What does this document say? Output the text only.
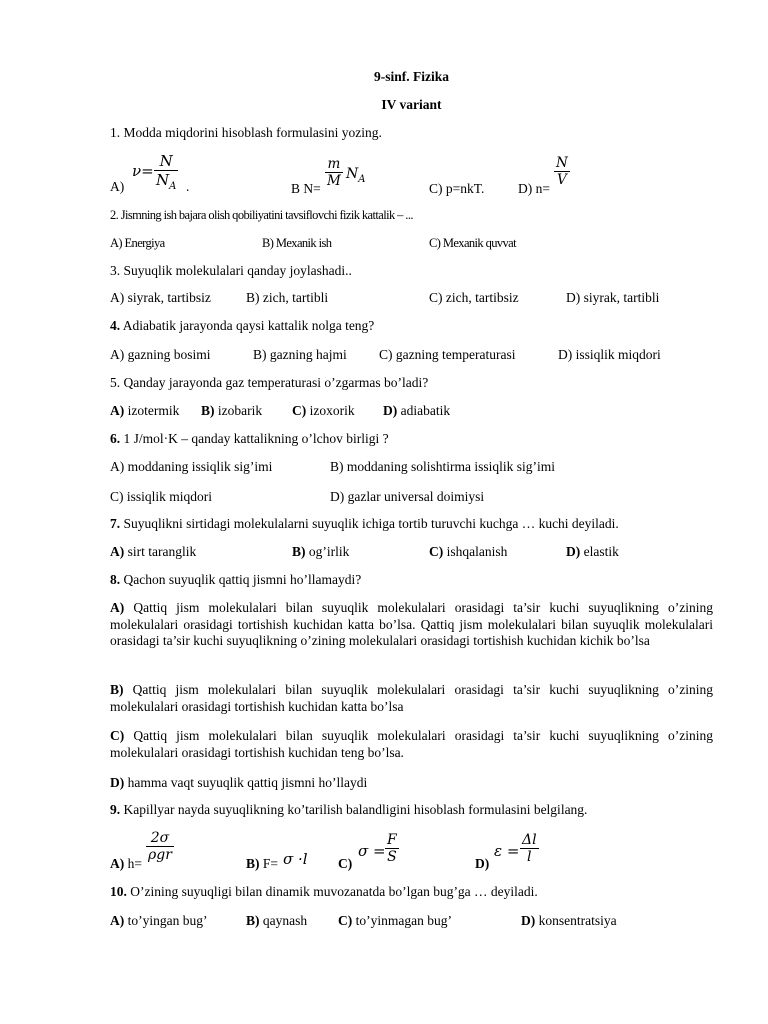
9-sinf. Fizika
IV variant
1. Modda miqdorini hisoblash formulasini yozing.
A)
$\nu= \frac{N}{N_A}$ .	B $N= \frac{m}{M} N_A$
C) p=nkT. D) n=
$\frac{N}{V}$
2. Jismning ish bajara olish qobiliyatini tavsiflovchi fizik kattalik – ...
A) Energiya	B) Mexanik ish	C) Mexanik quvvat
3. Suyuqlik molekulalari qanday joylashadi..
A) siyrak, tartibsiz	B) zich, tartibli	C) zich, tartibsiz	D) siyrak, tartibli
4. Adiabatik jarayonda qaysi kattalik nolga teng?
A) gazning bosimi	B) gazning hajmi C) gazning temperaturasi	D) issiqlik miqdori
5. Qanday jarayonda gaz temperaturasi o’zgarmas bo’ladi?
A) izotermik B) izobarik C) izoxorik D) adiabatik
6. 1 J/mol·K – qanday kattalikning o’lchov birligi ?
A) moddaning issiqlik sig’imi	B) moddaning solishtirma issiqlik sig’imi
C) issiqlik miqdori	D) gazlar universal doimiysi
7. Suyuqlikni sirtidagi molekulalarni suyuqlik ichiga tortib turuvchi kuchga … kuchi deyiladi.
A) sirt taranglik	B) og’irlik	C) ishqalanish	D) elastik
8. Qachon suyuqlik qattiq jismni ho’llamaydi?
A) Qattiq jism molekulalari bilan suyuqlik molekulalari orasidagi ta’sir kuchi suyuqlikning o’zining molekulalari orasidagi tortishish kuchidan katta bo’lsa. Qattiq jism molekulalari bilan suyuqlik molekulalari orasidagi ta’sir kuchi suyuqlikning o’zining molekulalari orasidagi tortishish kuchidan kichik bo’lsa
B) Qattiq jism molekulalari bilan suyuqlik molekulalari orasidagi ta’sir kuchi suyuqlikning o’zining molekulalari orasidagi tortishish kuchidan katta bo’lsa
C) Qattiq jism molekulalari bilan suyuqlik molekulalari orasidagi ta’sir kuchi suyuqlikning o’zining molekulalari orasidagi tortishish kuchidan teng bo’lsa.
D) hamma vaqt suyuqlik qattiq jismni ho’llaydi
9. Kapillyar nayda suyuqlikning ko’tarilish balandligini hisoblash formulasini belgilang.
A) h=
2σ
ρgr
B) F= σ ·l C)
$\sigma = \frac{F}{S}$	D)
$\varepsilon = \frac{\Delta l}{l}$
10. O’zining suyuqligi bilan dinamik muvozanatda bo’lgan bug’ga … deyiladi.
A) to’yingan bug’	B) qaynash C) to’yinmagan bug’	D) konsentratsiya
